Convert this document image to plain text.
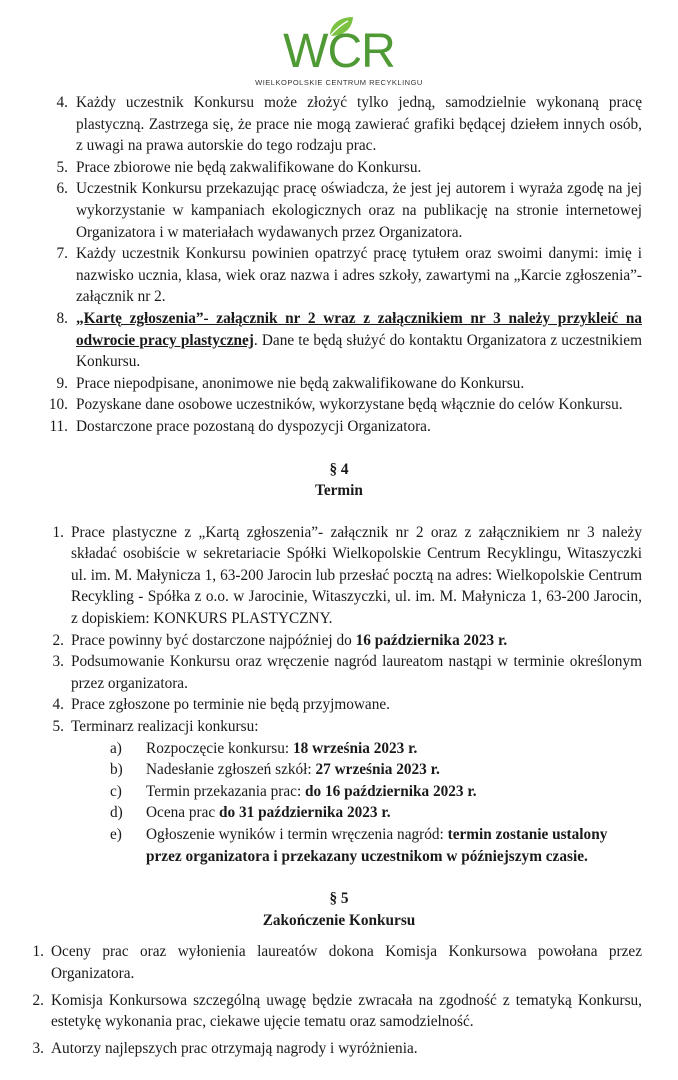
WCR
WIELKOPOLSKIE CENTRUM RECYKLINGU
4. Każdy uczestnik Konkursu może złożyć tylko jedną, samodzielnie wykonaną pracę plastyczną. Zastrzega się, że prace nie mogą zawierać grafiki będącej dziełem innych osób, z uwagi na prawa autorskie do tego rodzaju prac.
5. Prace zbiorowe nie będą zakwalifikowane do Konkursu.
6. Uczestnik Konkursu przekazując pracę oświadcza, że jest jej autorem i wyraża zgodę na jej wykorzystanie w kampaniach ekologicznych oraz na publikację na stronie internetowej Organizatora i w materiałach wydawanych przez Organizatora.
7. Każdy uczestnik Konkursu powinien opatrzyć pracę tytułem oraz swoimi danymi: imię i nazwisko ucznia, klasa, wiek oraz nazwa i adres szkoły, zawartymi na „Karcie zgłoszenia”- załącznik nr 2.
8. „Kartę zgłoszenia”- załącznik nr 2 wraz z załącznikiem nr 3 należy przykleić na odwrocie pracy plastycznej. Dane te będą służyć do kontaktu Organizatora z uczestnikiem Konkursu.
9. Prace niepodpisane, anonimowe nie będą zakwalifikowane do Konkursu.
10. Pozyskane dane osobowe uczestników, wykorzystane będą włącznie do celów Konkursu.
11. Dostarczone prace pozostaną do dyspozycji Organizatora.
§ 4
Termin
1. Prace plastyczne z „Kartą zgłoszenia”- załącznik nr 2 oraz z załącznikiem nr 3 należy składać osobiście w sekretariacie Spółki Wielkopolskie Centrum Recyklingu, Witaszyczki ul. im. M. Małynicza 1, 63-200 Jarocin lub przesłać pocztą na adres: Wielkopolskie Centrum Recykling - Spółka z o.o. w Jarocinie, Witaszyczki, ul. im. M. Małynicza 1, 63-200 Jarocin, z dopiskiem: KONKURS PLASTYCZNY.
2. Prace powinny być dostarczone najpóźniej do 16 października 2023 r.
3. Podsumowanie Konkursu oraz wręczenie nagród laureatom nastąpi w terminie określonym przez organizatora.
4. Prace zgłoszone po terminie nie będą przyjmowane.
5. Terminarz realizacji konkursu:
a)	Rozpoczęcie konkursu: 18 września 2023 r.
b)	Nadesłanie zgłoszeń szkół: 27 września 2023 r.
c)	Termin przekazania prac: do 16 października 2023 r.
d)	Ocena prac do 31 października 2023 r.
e)	Ogłoszenie wyników i termin wręczenia nagród: termin zostanie ustalony przez organizatora i przekazany uczestnikom w późniejszym czasie.
§ 5
Zakończenie Konkursu
1. Oceny prac oraz wyłonienia laureatów dokona Komisja Konkursowa powołana przez Organizatora.
2. Komisja Konkursowa szczególną uwagę będzie zwracała na zgodność z tematyką Konkursu, estetykę wykonania prac, ciekawe ujęcie tematu oraz samodzielność.
3. Autorzy najlepszych prac otrzymają nagrody i wyróżnienia.
